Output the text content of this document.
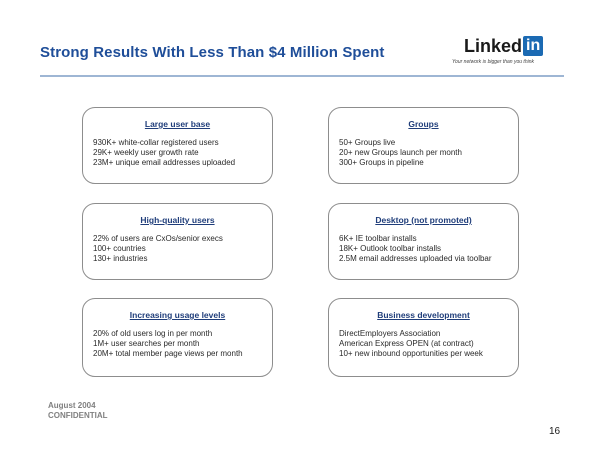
Strong Results With Less Than $4 Million Spent	Linked in
Your network is bigger than you think
Large user base
930K+ white-collar registered users
29K+ weekly user growth rate
23M+ unique email addresses uploaded
Groups
50+ Groups live
20+ new Groups launch per month
300+ Groups in pipeline
High-quality users
22% of users are CxOs/senior execs
100+ countries
130+ industries
Desktop (not promoted)
6K+ IE toolbar installs
18K+ Outlook toolbar installs
2.5M email addresses uploaded via toolbar
Increasing usage levels
20% of old users log in per month
1M+ user searches per month
20M+ total member page views per month
Business development
DirectEmployers Association
American Express OPEN (at contract)
10+ new inbound opportunities per week
August 2004
CONFIDENTIAL
16
